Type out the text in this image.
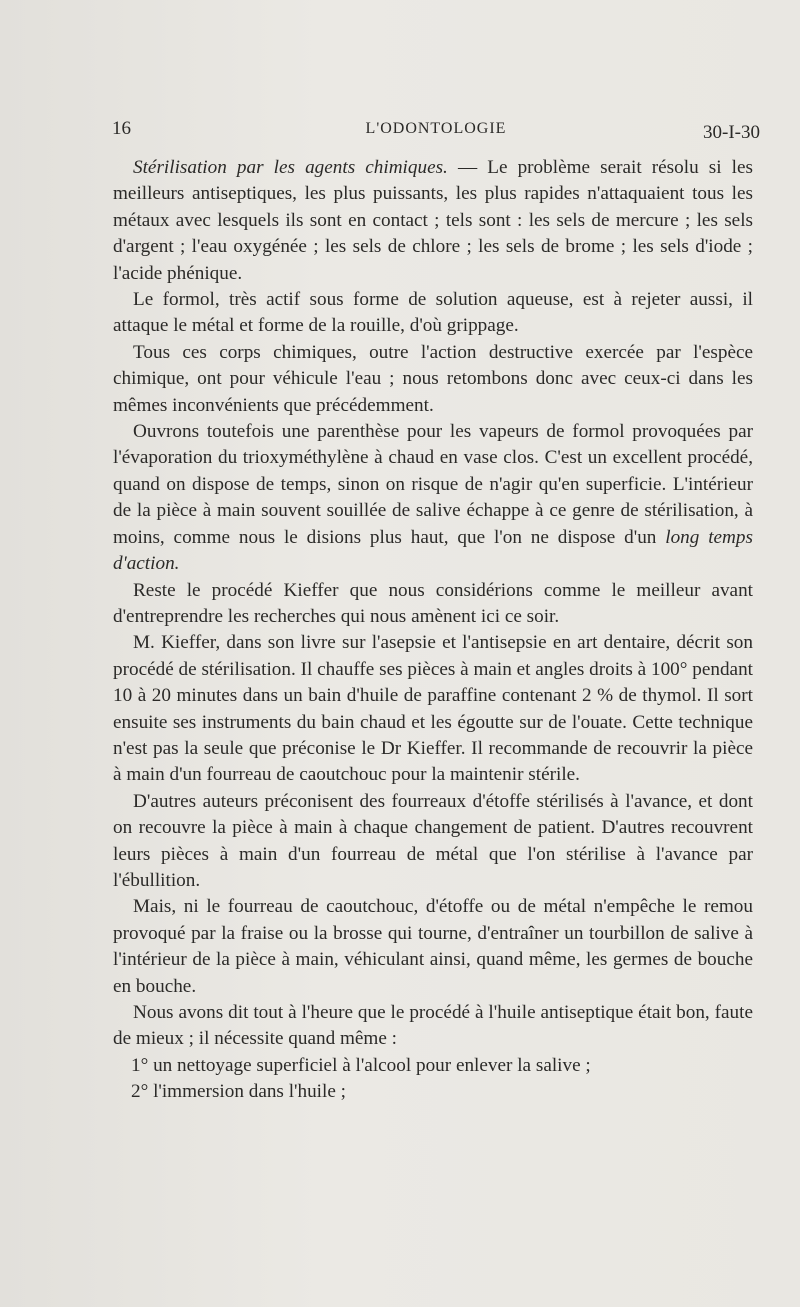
16	L'ODONTOLOGIE	30-I-30

Stérilisation par les agents chimiques. — Le problème serait résolu si les meilleurs antiseptiques, les plus puissants, les plus rapides n'attaquaient tous les métaux avec lesquels ils sont en contact ; tels sont : les sels de mercure ; les sels d'argent ; l'eau oxygénée ; les sels de chlore ; les sels de brome ; les sels d'iode ; l'acide phénique.

Le formol, très actif sous forme de solution aqueuse, est à rejeter aussi, il attaque le métal et forme de la rouille, d'où grippage.

Tous ces corps chimiques, outre l'action destructive exercée par l'espèce chimique, ont pour véhicule l'eau ; nous retombons donc avec ceux-ci dans les mêmes inconvénients que précédemment.

Ouvrons toutefois une parenthèse pour les vapeurs de formol provoquées par l'évaporation du trioxyméthylène à chaud en vase clos. C'est un excellent procédé, quand on dispose de temps, sinon on risque de n'agir qu'en superficie. L'intérieur de la pièce à main souvent souillée de salive échappe à ce genre de stérilisation, à moins, comme nous le disions plus haut, que l'on ne dispose d'un long temps d'action.

Reste le procédé Kieffer que nous considérions comme le meilleur avant d'entreprendre les recherches qui nous amènent ici ce soir.

M. Kieffer, dans son livre sur l'asepsie et l'antisepsie en art dentaire, décrit son procédé de stérilisation. Il chauffe ses pièces à main et angles droits à 100° pendant 10 à 20 minutes dans un bain d'huile de paraffine contenant 2 % de thymol. Il sort ensuite ses instruments du bain chaud et les égoutte sur de l'ouate. Cette technique n'est pas la seule que préconise le Dr Kieffer. Il recommande de recouvrir la pièce à main d'un fourreau de caoutchouc pour la maintenir stérile.

D'autres auteurs préconisent des fourreaux d'étoffe stérilisés à l'avance, et dont on recouvre la pièce à main à chaque changement de patient. D'autres recouvrent leurs pièces à main d'un fourreau de métal que l'on stérilise à l'avance par l'ébullition.

Mais, ni le fourreau de caoutchouc, d'étoffe ou de métal n'empêche le remou provoqué par la fraise ou la brosse qui tourne, d'entraîner un tourbillon de salive à l'intérieur de la pièce à main, véhiculant ainsi, quand même, les germes de bouche en bouche.

Nous avons dit tout à l'heure que le procédé à l'huile antiseptique était bon, faute de mieux ; il nécessite quand même :

1° un nettoyage superficiel à l'alcool pour enlever la salive ;

2° l'immersion dans l'huile ;
